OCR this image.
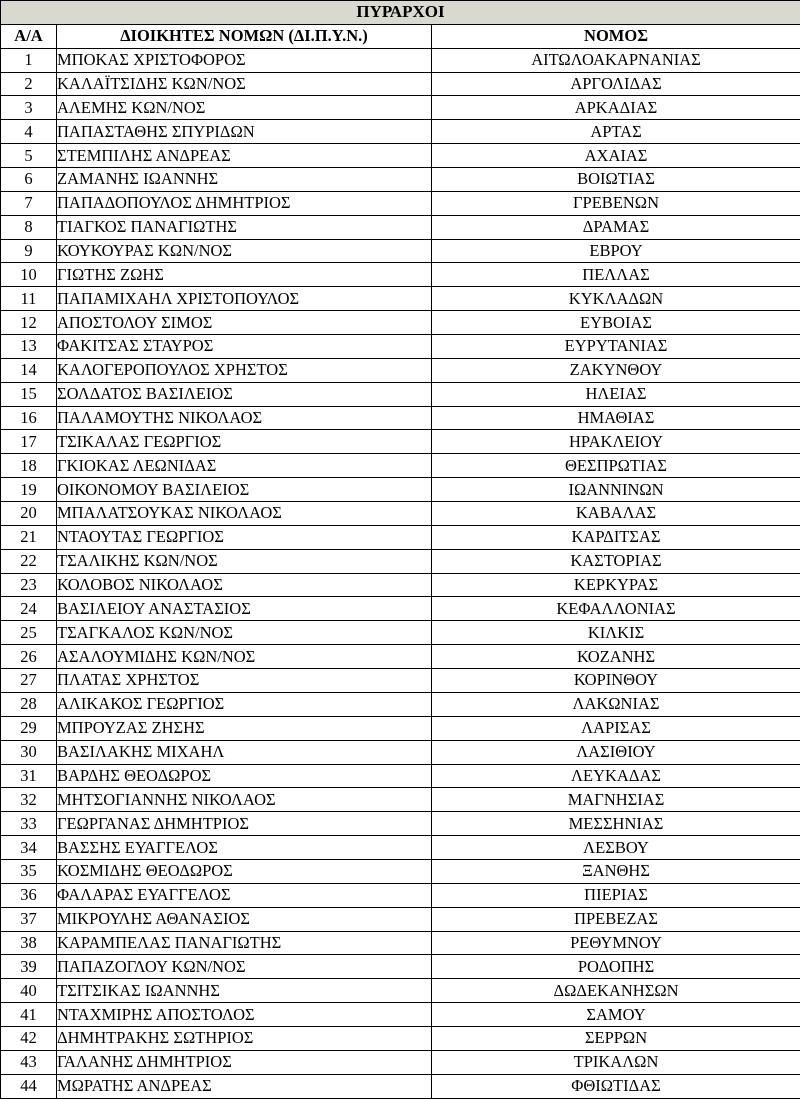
ΠΥΡΑΡΧΟΙ		
Α/Α	ΔΙΟΙΚΗΤΕΣ ΝΟΜΩΝ (ΔΙ.Π.Υ.Ν.)	ΝΟΜΟΣ
1	ΜΠΟΚΑΣ ΧΡΙΣΤΟΦΟΡΟΣ	ΑΙΤΩΛΟΑΚΑΡΝΑΝΙΑΣ
2	ΚΑΛΑΪΤΣΙΔΗΣ ΚΩΝ/ΝΟΣ	ΑΡΓΟΛΙΔΑΣ
3	ΑΛΕΜΗΣ ΚΩΝ/ΝΟΣ	ΑΡΚΑΔΙΑΣ
4	ΠΑΠΑΣΤΑΘΗΣ ΣΠΥΡΙΔΩΝ	ΑΡΤΑΣ
5	ΣΤΕΜΠΙΛΗΣ ΑΝΔΡΕΑΣ	ΑΧΑΙΑΣ
6	ΖΑΜΑΝΗΣ ΙΩΑΝΝΗΣ	ΒΟΙΩΤΙΑΣ
7	ΠΑΠΑΔΟΠΟΥΛΟΣ ΔΗΜΗΤΡΙΟΣ	ΓΡΕΒΕΝΩΝ
8	ΤΙΑΓΚΟΣ ΠΑΝΑΓΙΩΤΗΣ	ΔΡΑΜΑΣ
9	ΚΟΥΚΟΥΡΑΣ ΚΩΝ/ΝΟΣ	ΕΒΡΟΥ
10	ΓΙΩΤΗΣ ΖΩΗΣ	ΠΕΛΛΑΣ
11	ΠΑΠΑΜΙΧΑΗΛ ΧΡΙΣΤΟΠΟΥΛΟΣ	ΚΥΚΛΑΔΩΝ
12	ΑΠΟΣΤΟΛΟΥ ΣΙΜΟΣ	ΕΥΒΟΙΑΣ
13	ΦΑΚΙΤΣΑΣ ΣΤΑΥΡΟΣ	ΕΥΡΥΤΑΝΙΑΣ
14	ΚΑΛΟΓΕΡΟΠΟΥΛΟΣ ΧΡΗΣΤΟΣ	ΖΑΚΥΝΘΟΥ
15	ΣΟΛΔΑΤΟΣ ΒΑΣΙΛΕΙΟΣ	ΗΛΕΙΑΣ
16	ΠΑΛΑΜΟΥΤΗΣ ΝΙΚΟΛΑΟΣ	ΗΜΑΘΙΑΣ
17	ΤΣΙΚΑΛΑΣ ΓΕΩΡΓΙΟΣ	ΗΡΑΚΛΕΙΟΥ
18	ΓΚΙΟΚΑΣ ΛΕΩΝΙΔΑΣ	ΘΕΣΠΡΩΤΙΑΣ
19	ΟΙΚΟΝΟΜΟΥ ΒΑΣΙΛΕΙΟΣ	ΙΩΑΝΝΙΝΩΝ
20	ΜΠΑΛΑΤΣΟΥΚΑΣ ΝΙΚΟΛΑΟΣ	ΚΑΒΑΛΑΣ
21	ΝΤΑΟΥΤΑΣ ΓΕΩΡΓΙΟΣ	ΚΑΡΔΙΤΣΑΣ
22	ΤΣΑΛΙΚΗΣ ΚΩΝ/ΝΟΣ	ΚΑΣΤΟΡΙΑΣ
23	ΚΟΛΟΒΟΣ ΝΙΚΟΛΑΟΣ	ΚΕΡΚΥΡΑΣ
24	ΒΑΣΙΛΕΙΟΥ ΑΝΑΣΤΑΣΙΟΣ	ΚΕΦΑΛΛΟΝΙΑΣ
25	ΤΣΑΓΚΑΛΟΣ ΚΩΝ/ΝΟΣ	ΚΙΛΚΙΣ
26	ΑΣΑΛΟΥΜΙΔΗΣ ΚΩΝ/ΝΟΣ	ΚΟΖΑΝΗΣ
27	ΠΛΑΤΑΣ ΧΡΗΣΤΟΣ	ΚΟΡΙΝΘΟΥ
28	ΑΛΙΚΑΚΟΣ ΓΕΩΡΓΙΟΣ	ΛΑΚΩΝΙΑΣ
29	ΜΠΡΟΥΖΑΣ ΖΗΣΗΣ	ΛΑΡΙΣΑΣ
30	ΒΑΣΙΛΑΚΗΣ ΜΙΧΑΗΛ	ΛΑΣΙΘΙΟΥ
31	ΒΑΡΔΗΣ ΘΕΟΔΩΡΟΣ	ΛΕΥΚΑΔΑΣ
32	ΜΗΤΣΟΓΙΑΝΝΗΣ ΝΙΚΟΛΑΟΣ	ΜΑΓΝΗΣΙΑΣ
33	ΓΕΩΡΓΑΝΑΣ ΔΗΜΗΤΡΙΟΣ	ΜΕΣΣΗΝΙΑΣ
34	ΒΑΣΣΗΣ ΕΥΑΓΓΕΛΟΣ	ΛΕΣΒΟΥ
35	ΚΟΣΜΙΔΗΣ ΘΕΟΔΩΡΟΣ	ΞΑΝΘΗΣ
36	ΦΑΛΑΡΑΣ ΕΥΑΓΓΕΛΟΣ	ΠΙΕΡΙΑΣ
37	ΜΙΚΡΟΥΛΗΣ ΑΘΑΝΑΣΙΟΣ	ΠΡΕΒΕΖΑΣ
38	ΚΑΡΑΜΠΕΛΑΣ ΠΑΝΑΓΙΩΤΗΣ	ΡΕΘΥΜΝΟΥ
39	ΠΑΠΑΖΟΓΛΟΥ ΚΩΝ/ΝΟΣ	ΡΟΔΟΠΗΣ
40	ΤΣΙΤΣΙΚΑΣ ΙΩΑΝΝΗΣ	ΔΩΔΕΚΑΝΗΣΩΝ
41	ΝΤΑΧΜΙΡΗΣ ΑΠΟΣΤΟΛΟΣ	ΣΑΜΟΥ
42	ΔΗΜΗΤΡΑΚΗΣ ΣΩΤΗΡΙΟΣ	ΣΕΡΡΩΝ
43	ΓΑΛΑΝΗΣ ΔΗΜΗΤΡΙΟΣ	ΤΡΙΚΑΛΩΝ
44	ΜΩΡΑΤΗΣ ΑΝΔΡΕΑΣ	ΦΘΙΩΤΙΔΑΣ
